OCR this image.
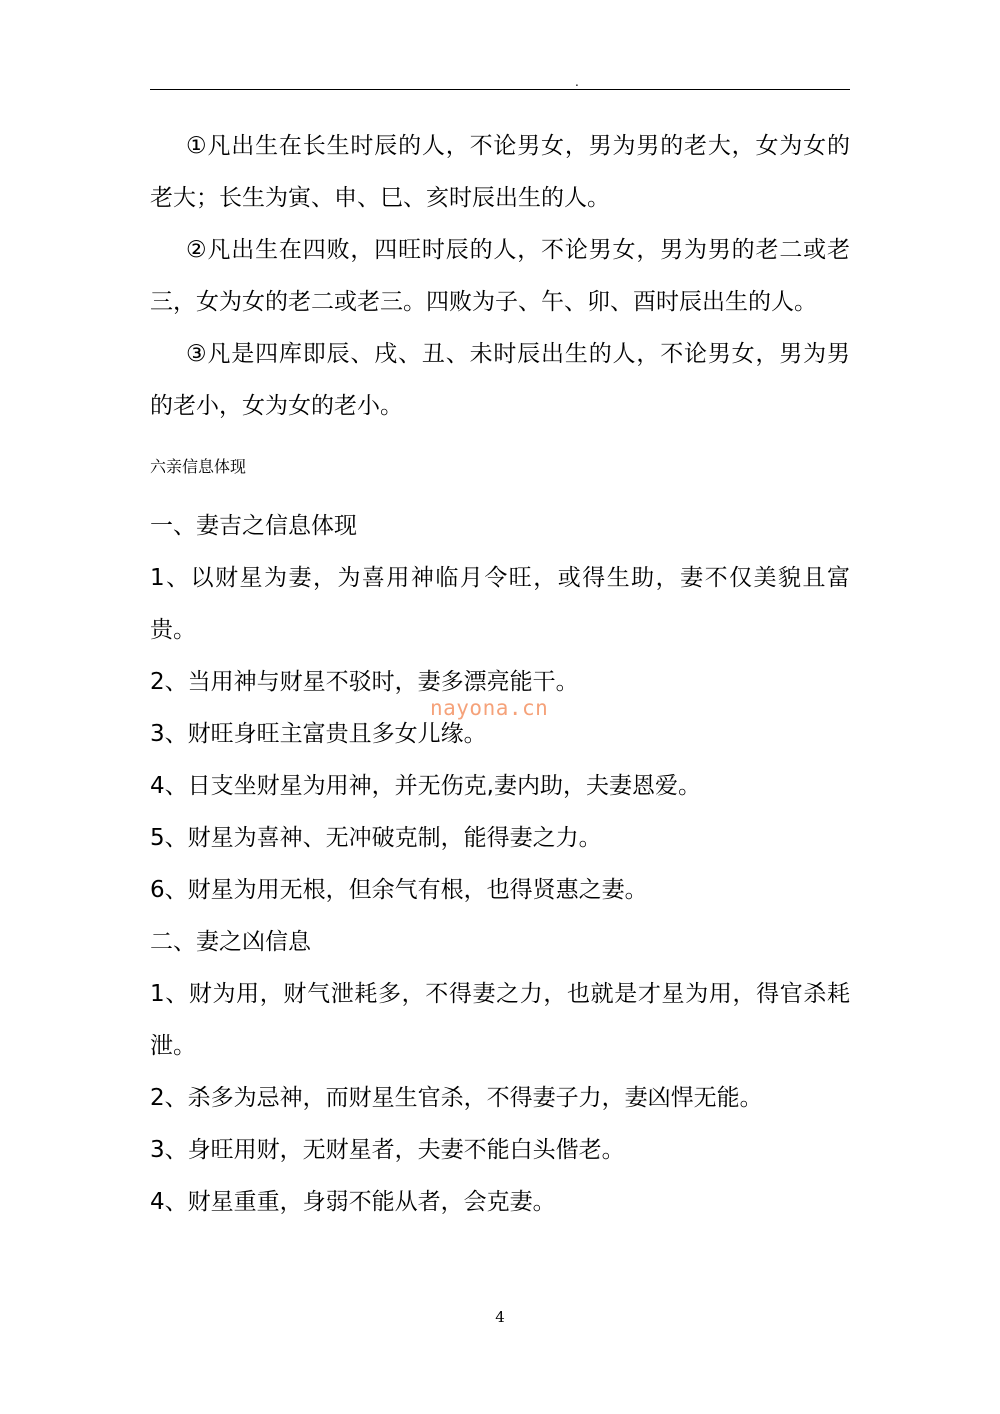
.

①凡出生在长生时辰的人，不论男女，男为男的老大，女为女的老大；长生为寅、申、巳、亥时辰出生的人。

②凡出生在四败，四旺时辰的人，不论男女，男为男的老二或老三，女为女的老二或老三。四败为子、午、卯、酉时辰出生的人。

③凡是四库即辰、戌、丑、未时辰出生的人，不论男女，男为男的老小，女为女的老小。

六亲信息体现

一、妻吉之信息体现

1、以财星为妻，为喜用神临月令旺，或得生助，妻不仅美貌且富贵。

2、当用神与财星不驳时，妻多漂亮能干。

3、财旺身旺主富贵且多女儿缘。

4、日支坐财星为用神，并无伤克,妻内助，夫妻恩爱。

5、财星为喜神、无冲破克制，能得妻之力。

6、财星为用无根，但余气有根，也得贤惠之妻。

二、妻之凶信息

1、财为用，财气泄耗多，不得妻之力，也就是才星为用，得官杀耗泄。

2、杀多为忌神，而财星生官杀，不得妻子力，妻凶悍无能。

3、身旺用财，无财星者，夫妻不能白头偕老。

4、财星重重，身弱不能从者，会克妻。

nayona.cn
4
